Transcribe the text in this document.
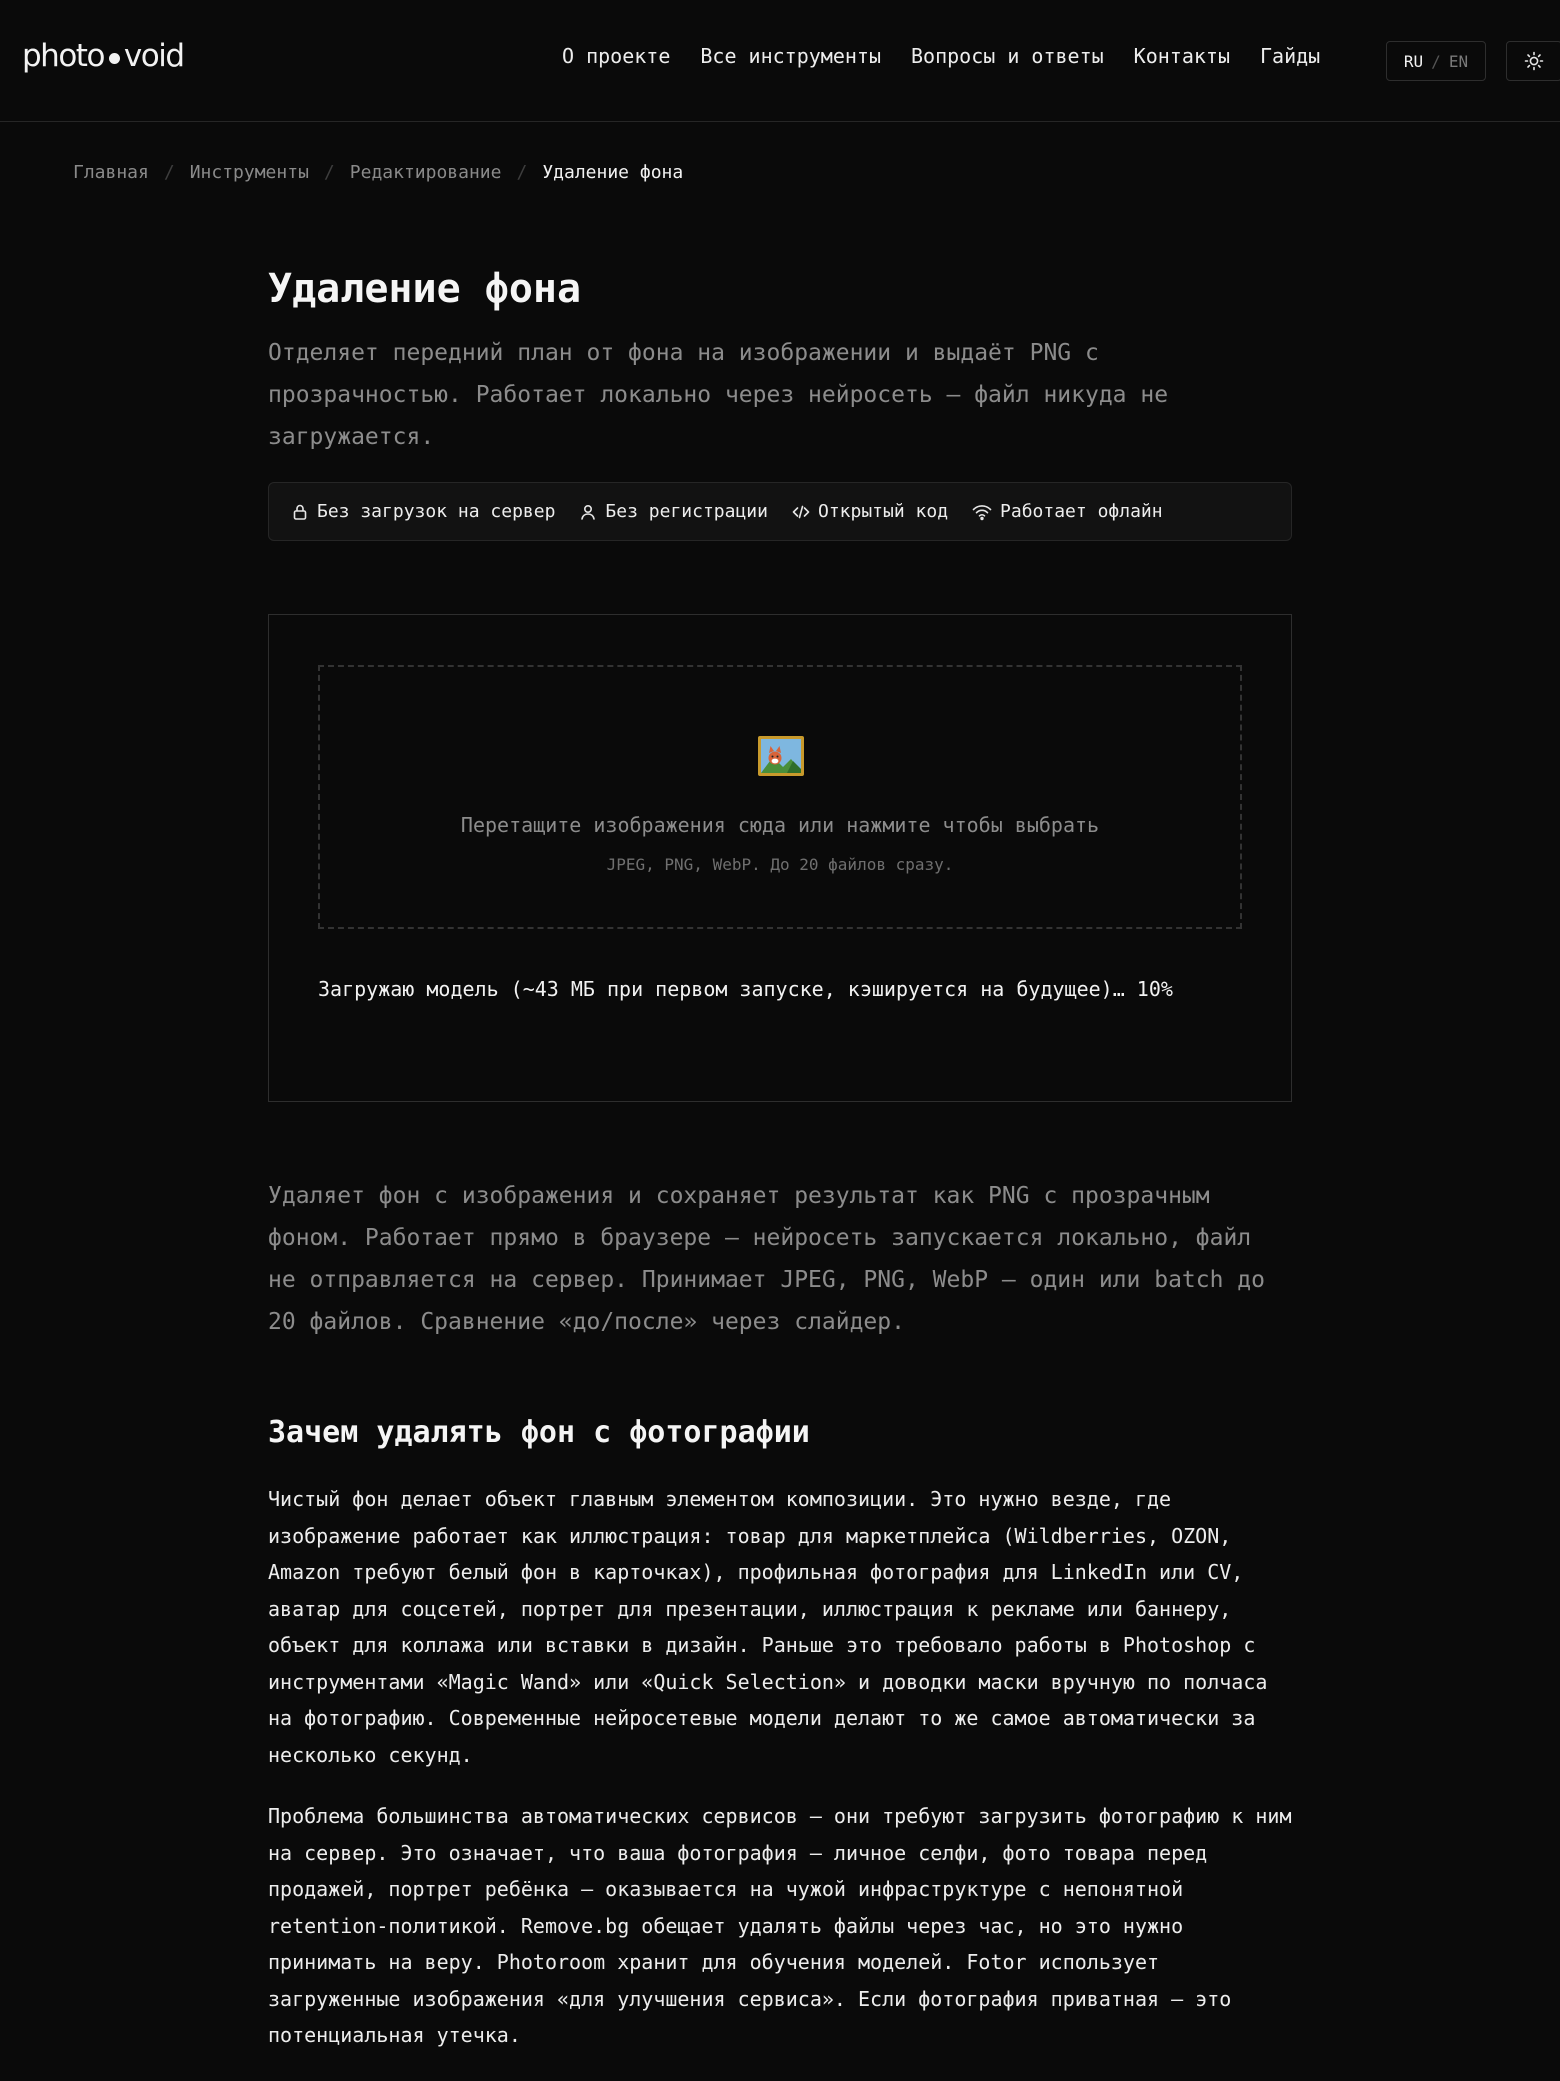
photo void	О проекте Все инструменты Вопросы и ответы Контакты Гайды	RU / EN
Главная / Инструменты / Редактирование / Удаление фона
Удаление фона

Отделяет передний план от фона на изображении и выдаёт PNG с прозрачностью. Работает локально через нейросеть — файл никуда не загружается.

Без загрузок на сервер	Без регистрации	Открытый код	Работает офлайн
Перетащите изображения сюда или нажмите чтобы выбрать
JPEG, PNG, WebP. До 20 файлов сразу.
Загружаю модель (~43 МБ при первом запуске, кэшируется на будущее)… 10%

Удаляет фон с изображения и сохраняет результат как PNG с прозрачным фоном. Работает прямо в браузере — нейросеть запускается локально, файл не отправляется на сервер. Принимает JPEG, PNG, WebP — один или batch до 20 файлов. Сравнение «до/после» через слайдер.

Зачем удалять фон с фотографии

Чистый фон делает объект главным элементом композиции. Это нужно везде, где изображение работает как иллюстрация: товар для маркетплейса (Wildberries, OZON, Amazon требуют белый фон в карточках), профильная фотография для LinkedIn или CV, аватар для соцсетей, портрет для презентации, иллюстрация к рекламе или баннеру, объект для коллажа или вставки в дизайн. Раньше это требовало работы в Photoshop с инструментами «Magic Wand» или «Quick Selection» и доводки маски вручную по полчаса на фотографию. Современные нейросетевые модели делают то же самое автоматически за несколько секунд.

Проблема большинства автоматических сервисов — они требуют загрузить фотографию к ним на сервер. Это означает, что ваша фотография — личное селфи, фото товара перед продажей, портрет ребёнка — оказывается на чужой инфраструктуре с непонятной retention-политикой. Remove.bg обещает удалять файлы через час, но это нужно принимать на веру. Photoroom хранит для обучения моделей. Fotor использует загруженные изображения «для улучшения сервиса». Если фотография приватная — это потенциальная утечка.
